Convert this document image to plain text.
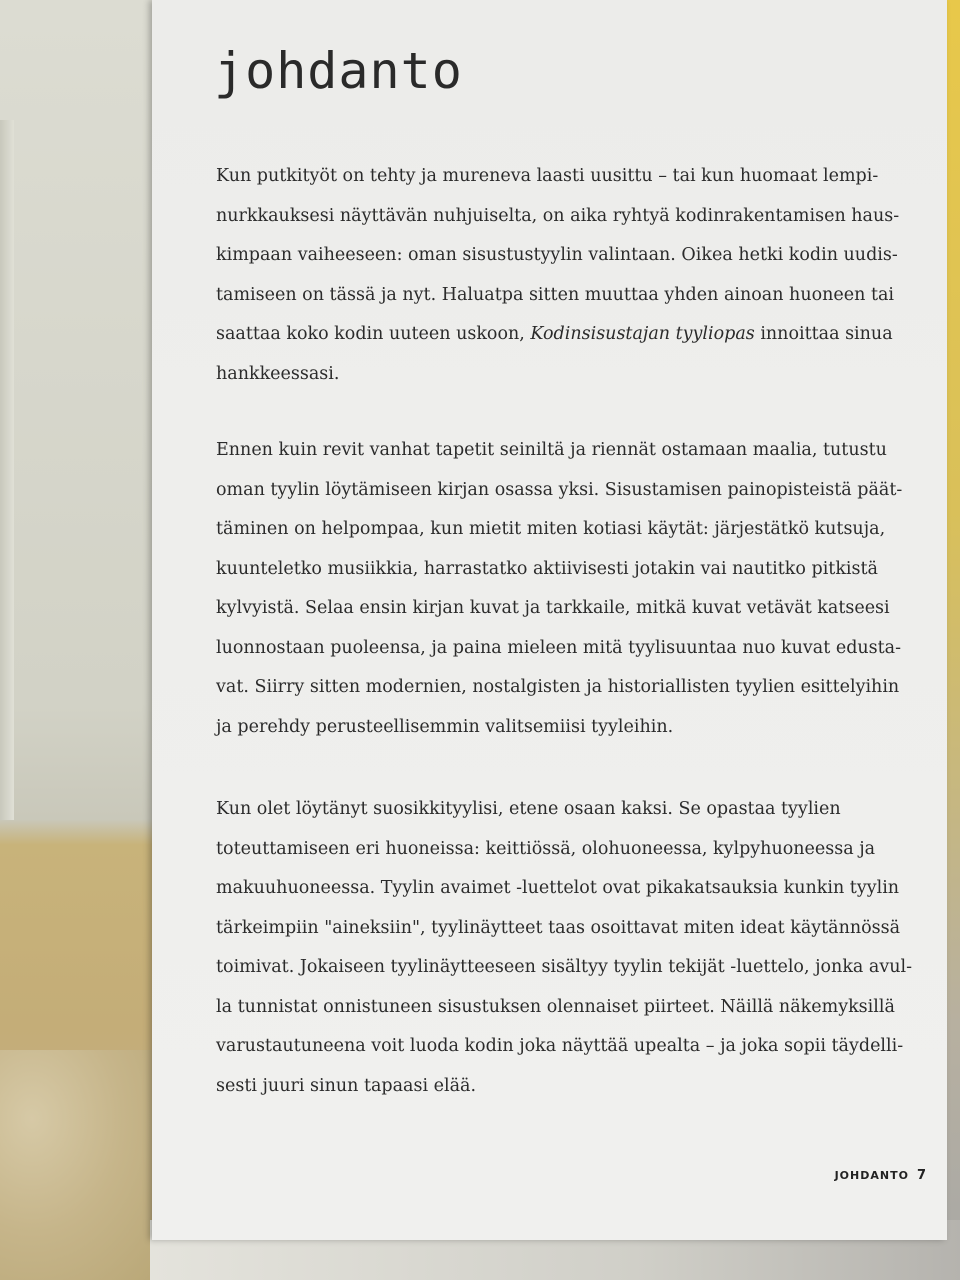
johdanto

Kun putkityöt on tehty ja mureneva laasti uusittu – tai kun huomaat lempi-
nurkkauksesi näyttävän nuhjuiselta, on aika ryhtyä kodinrakentamisen haus-
kimpaan vaiheeseen: oman sisustustyylin valintaan. Oikea hetki kodin uudis-
tamiseen on tässä ja nyt. Haluatpa sitten muuttaa yhden ainoan huoneen tai
saattaa koko kodin uuteen uskoon, Kodinsisustajan tyyliopas innoittaa sinua
hankkeessasi.

Ennen kuin revit vanhat tapetit seiniltä ja riennät ostamaan maalia, tutustu
oman tyylin löytämiseen kirjan osassa yksi. Sisustamisen painopisteistä päät-
täminen on helpompaa, kun mietit miten kotiasi käytät: järjestätkö kutsuja,
kuunteletko musiikkia, harrastatko aktiivisesti jotakin vai nautitko pitkistä
kylvyistä. Selaa ensin kirjan kuvat ja tarkkaile, mitkä kuvat vetävät katseesi
luonnostaan puoleensa, ja paina mieleen mitä tyylisuuntaa nuo kuvat edusta-
vat. Siirry sitten modernien, nostalgisten ja historiallisten tyylien esittelyihin
ja perehdy perusteellisemmin valitsemiisi tyyleihin.

Kun olet löytänyt suosikkityylisi, etene osaan kaksi. Se opastaa tyylien
toteuttamiseen eri huoneissa: keittiössä, olohuoneessa, kylpyhuoneessa ja
makuuhuoneessa. Tyylin avaimet -luettelot ovat pikakatsauksia kunkin tyylin
tärkeimpiin "aineksiin", tyylinäytteet taas osoittavat miten ideat käytännössä
toimivat. Jokaiseen tyylinäytteeseen sisältyy tyylin tekijät -luettelo, jonka avul-
la tunnistat onnistuneen sisustuksen olennaiset piirteet. Näillä näkemyksillä
varustautuneena voit luoda kodin joka näyttää upealta – ja joka sopii täydelli-
sesti juuri sinun tapaasi elää.

JOHDANTO 7
